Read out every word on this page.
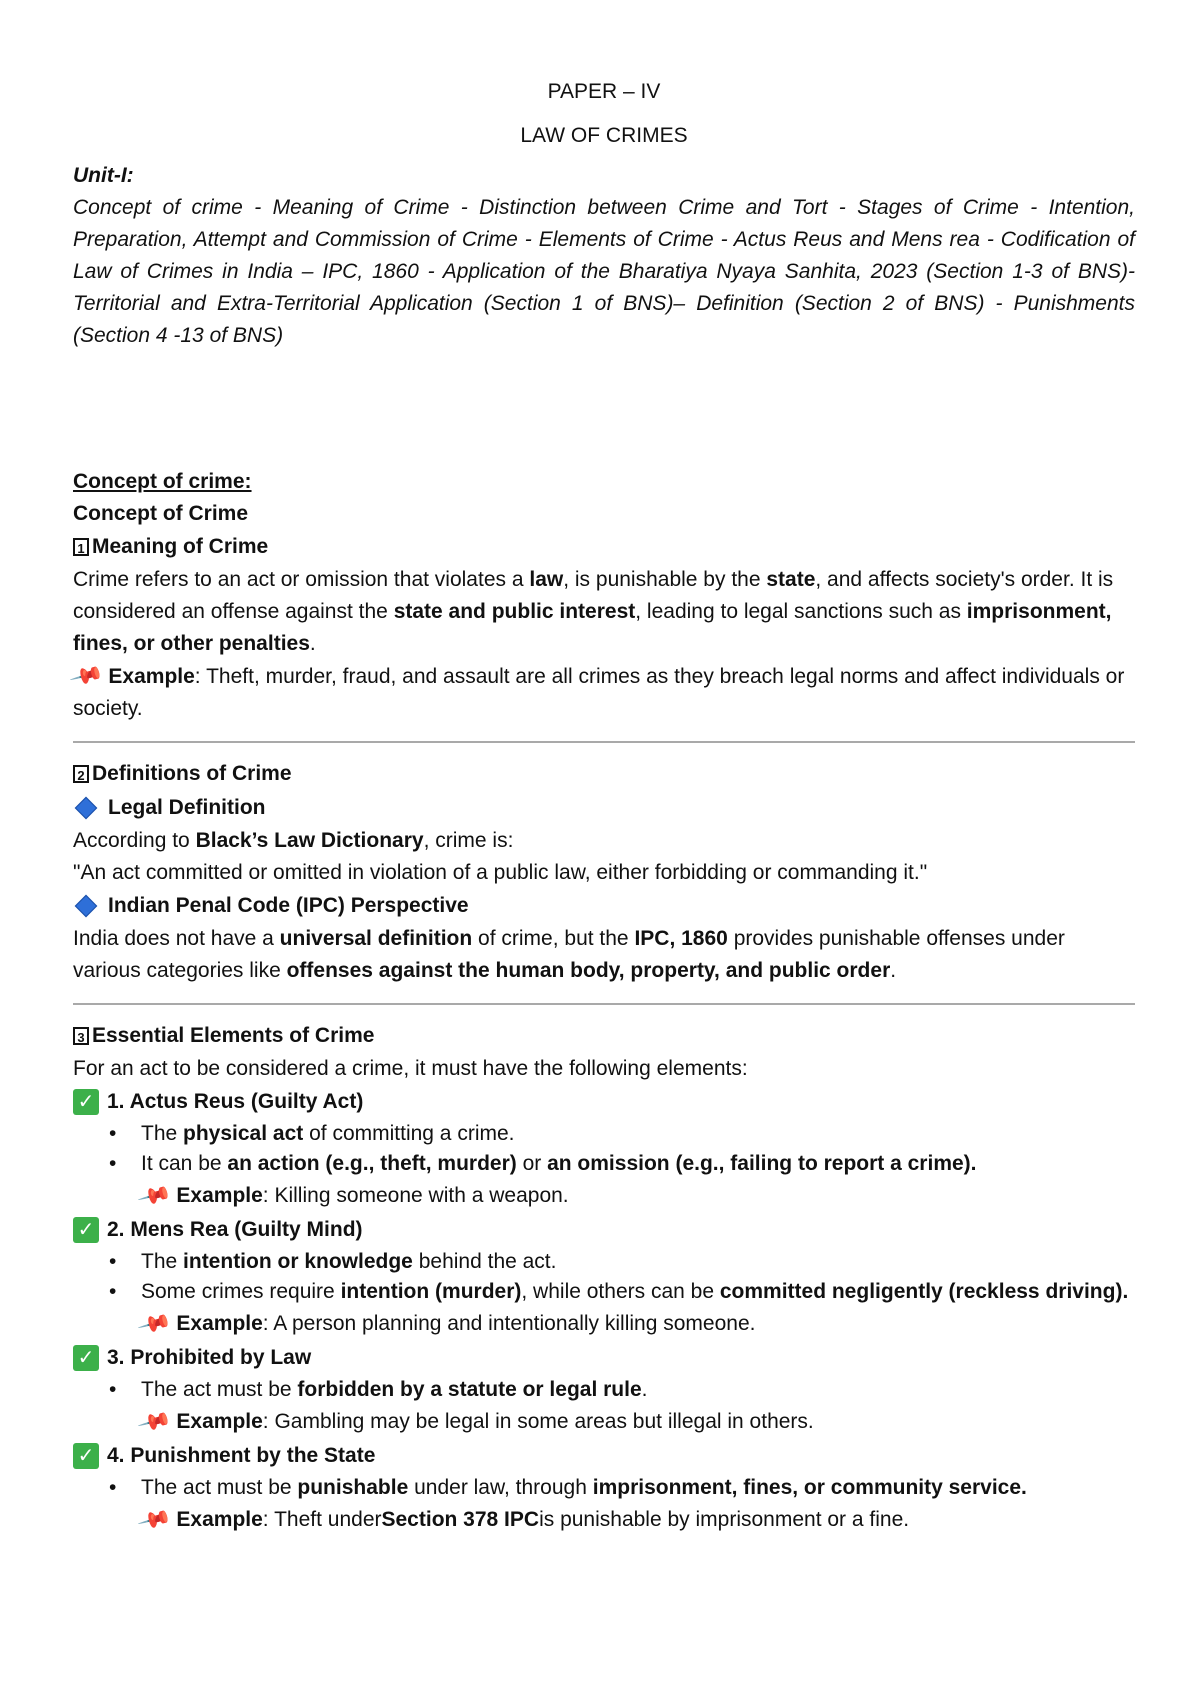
PAPER – IV
LAW OF CRIMES
Unit-I:

Concept of crime - Meaning of Crime - Distinction between Crime and Tort - Stages of Crime - Intention, Preparation, Attempt and Commission of Crime - Elements of Crime - Actus Reus and Mens rea - Codification of Law of Crimes in India – IPC, 1860 - Application of the Bharatiya Nyaya Sanhita, 2023 (Section 1-3 of BNS)- Territorial and Extra-Territorial Application (Section 1 of BNS)– Definition (Section 2 of BNS) - Punishments (Section 4 -13 of BNS)

Concept of crime:
Concept of Crime
1 Meaning of Crime

Crime refers to an act or omission that violates a law, is punishable by the state, and affects society's order. It is considered an offense against the state and public interest, leading to legal sanctions such as imprisonment, fines, or other penalties.

📌 Example: Theft, murder, fraud, and assault are all crimes as they breach legal norms and affect individuals or society.

2 Definitions of Crime
Legal Definition

According to Black’s Law Dictionary, crime is:

"An act committed or omitted in violation of a public law, either forbidding or commanding it."

Indian Penal Code (IPC) Perspective

India does not have a universal definition of crime, but the IPC, 1860 provides punishable offenses under various categories like offenses against the human body, property, and public order.

3 Essential Elements of Crime

For an act to be considered a crime, it must have the following elements:

✓ 1. Actus Reus (Guilty Act)
• The physical act of committing a crime.
• It can be an action (e.g., theft, murder) or an omission (e.g., failing to report a crime).
📌 Example : Killing someone with a weapon.
✓ 2. Mens Rea (Guilty Mind)
• The intention or knowledge behind the act.
• Some crimes require intention (murder), while others can be committed negligently (reckless driving).
📌 Example : A person planning and intentionally killing someone.
✓ 3. Prohibited by Law
• The act must be forbidden by a statute or legal rule.
📌 Example : Gambling may be legal in some areas but illegal in others.
✓ 4. Punishment by the State
• The act must be punishable under law, through imprisonment, fines, or community service.
📌 Example : Theft under Section 378 IPC is punishable by imprisonment or a fine.
